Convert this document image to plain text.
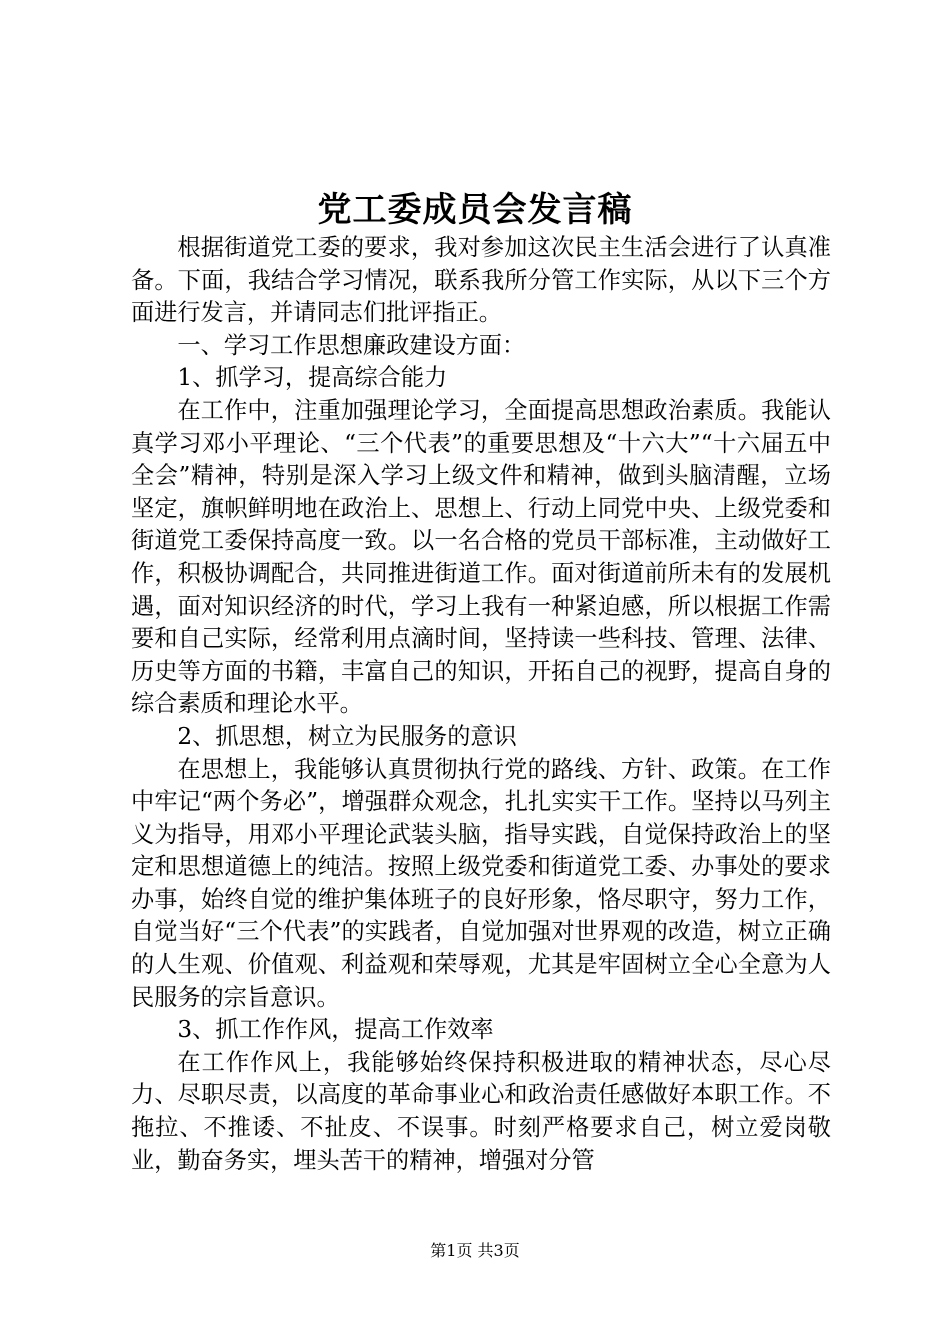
党工委成员会发言稿

根据街道党工委的要求，我对参加这次民主生活会进行了认真准备。下面，我结合学习情况，联系我所分管工作实际，从以下三个方面进行发言，并请同志们批评指正。

一、学习工作思想廉政建设方面：

1、抓学习，提高综合能力

在工作中，注重加强理论学习，全面提高思想政治素质。我能认真学习邓小平理论、“三个代表”的重要思想及“十六大”“十六届五中全会”精神，特别是深入学习上级文件和精神，做到头脑清醒，立场坚定，旗帜鲜明地在政治上、思想上、行动上同党中央、上级党委和街道党工委保持高度一致。以一名合格的党员干部标准，主动做好工作，积极协调配合，共同推进街道工作。面对街道前所未有的发展机遇，面对知识经济的时代，学习上我有一种紧迫感，所以根据工作需要和自己实际，经常利用点滴时间，坚持读一些科技、管理、法律、历史等方面的书籍，丰富自己的知识，开拓自己的视野，提高自身的综合素质和理论水平。

2、抓思想，树立为民服务的意识

在思想上，我能够认真贯彻执行党的路线、方针、政策。在工作中牢记“两个务必”，增强群众观念，扎扎实实干工作。坚持以马列主义为指导，用邓小平理论武装头脑，指导实践，自觉保持政治上的坚定和思想道德上的纯洁。按照上级党委和街道党工委、办事处的要求办事，始终自觉的维护集体班子的良好形象，恪尽职守，努力工作，自觉当好“三个代表”的实践者，自觉加强对世界观的改造，树立正确的人生观、价值观、利益观和荣辱观，尤其是牢固树立全心全意为人民服务的宗旨意识。

3、抓工作作风，提高工作效率

在工作作风上，我能够始终保持积极进取的精神状态，尽心尽力、尽职尽责，以高度的革命事业心和政治责任感做好本职工作。不拖拉、不推诿、不扯皮、不误事。时刻严格要求自己，树立爱岗敬业，勤奋务实，埋头苦干的精神，增强对分管

第1页 共3页
